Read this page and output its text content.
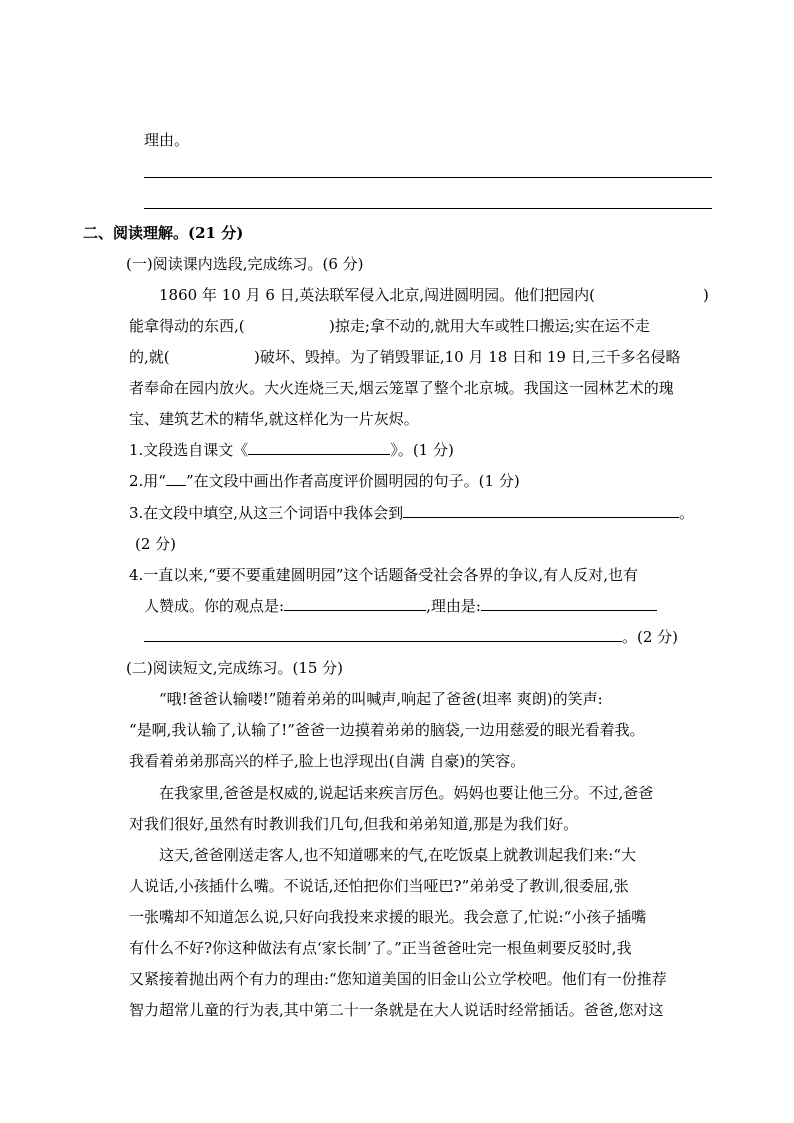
理由。
二、阅读理解。(21 分)
(一)阅读课内选段,完成练习。(6 分)
1860 年 10 月 6 日,英法联军侵入北京,闯进圆明园。他们把园内(	)
能拿得动的东西,(	)掠走;拿不动的,就用大车或牲口搬运;实在运不走
的,就(	)破坏、毁掉。为了销毁罪证,10 月 18 日和 19 日,三千多名侵略
者奉命在园内放火。大火连烧三天,烟云笼罩了整个北京城。我国这一园林艺术的瑰
宝、建筑艺术的精华,就这样化为一片灰烬。
1.文段选自课文《	》。(1 分)
2.用“ ”在文段中画出作者高度评价圆明园的句子。(1 分)
3.在文段中填空,从这三个词语中我体会到	。
(2 分)
4.一直以来,“要不要重建圆明园”这个话题备受社会各界的争议,有人反对,也有
人赞成。你的观点是:	,理由是:
。(2 分)
(二)阅读短文,完成练习。(15 分)
“哦!爸爸认输喽!”随着弟弟的叫喊声,响起了爸爸(坦率 爽朗)的笑声:
“是啊,我认输了,认输了!”爸爸一边摸着弟弟的脑袋,一边用慈爱的眼光看着我。
我看着弟弟那高兴的样子,脸上也浮现出(自满 自豪)的笑容。
在我家里,爸爸是权威的,说起话来疾言厉色。妈妈也要让他三分。不过,爸爸
对我们很好,虽然有时教训我们几句,但我和弟弟知道,那是为我们好。
这天,爸爸刚送走客人,也不知道哪来的气,在吃饭桌上就教训起我们来:“大
人说话,小孩插什么嘴。不说话,还怕把你们当哑巴?”弟弟受了教训,很委屈,张
一张嘴却不知道怎么说,只好向我投来求援的眼光。我会意了,忙说:“小孩子插嘴
有什么不好?你这种做法有点‘家长制’了。”正当爸爸吐完一根鱼刺要反驳时,我
又紧接着抛出两个有力的理由:“您知道美国的旧金山公立学校吧。他们有一份推荐
智力超常儿童的行为表,其中第二十一条就是在大人说话时经常插话。爸爸,您对这
